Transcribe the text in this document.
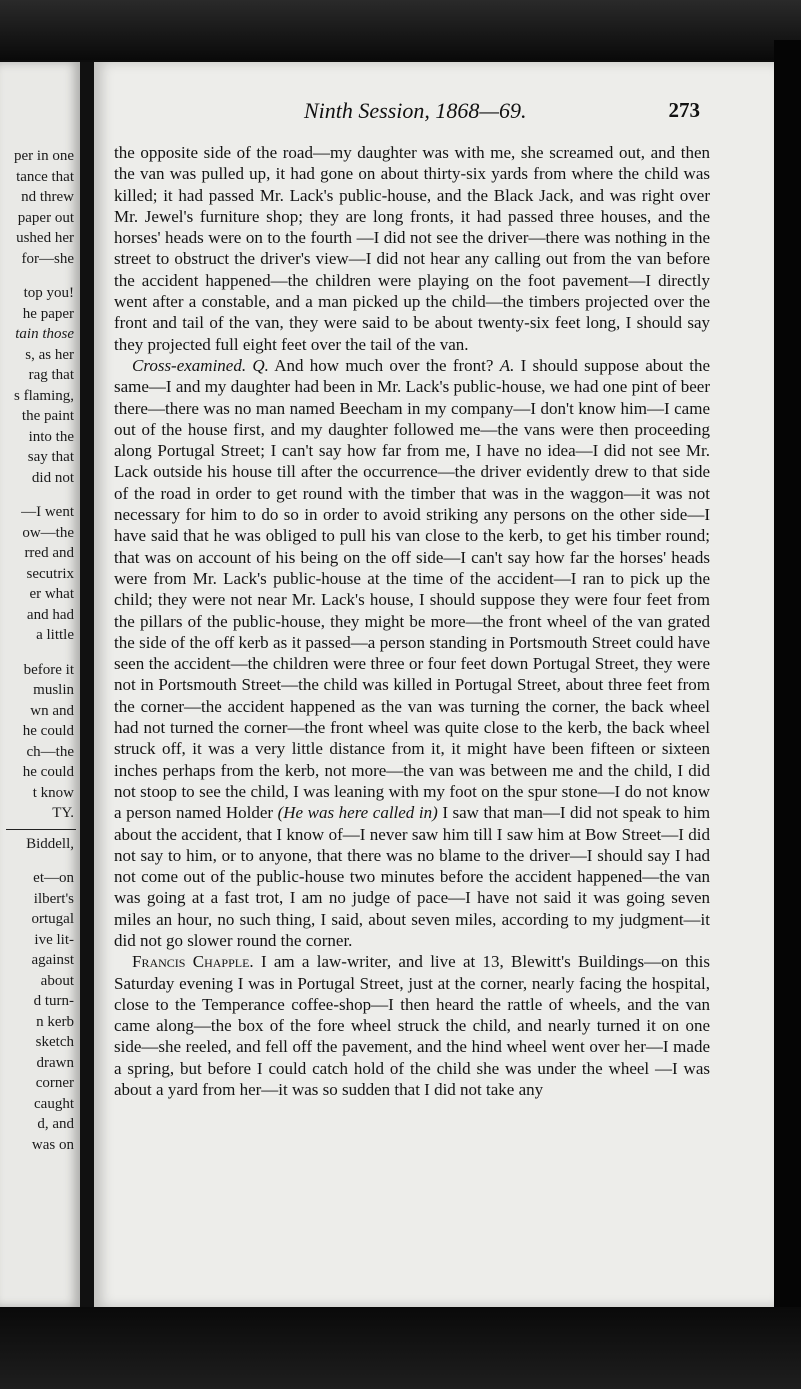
per in one

tance that

nd threw

paper out

ushed her

for—she

top you!

he paper

tain those

s, as her

rag that

s flaming,

the paint

into the

say that

did not

—I went

ow—the

rred and

secutrix

er what

and had

a little

before it

muslin

wn and

he could

ch—the

he could

t know

TY.

Biddell,

et—on

ilbert's

ortugal

ive lit-

against

about

d turn-

n kerb

sketch

drawn

corner

caught

d, and

was on

Ninth Session, 1868—69.	273

the opposite side of the road—my daughter was with me, she screamed out, and then the van was pulled up, it had gone on about thirty-six yards from where the child was killed; it had passed Mr. Lack's public-house, and the Black Jack, and was right over Mr. Jewel's furniture shop; they are long fronts, it had passed three houses, and the horses' heads were on to the fourth —I did not see the driver—there was nothing in the street to obstruct the driver's view—I did not hear any calling out from the van before the accident happened—the children were playing on the foot pavement—I directly went after a constable, and a man picked up the child—the timbers projected over the front and tail of the van, they were said to be about twenty-six feet long, I should say they projected full eight feet over the tail of the van.

Cross-examined. Q. And how much over the front? A. I should suppose about the same—I and my daughter had been in Mr. Lack's public-house, we had one pint of beer there—there was no man named Beecham in my company—I don't know him—I came out of the house first, and my daughter followed me—the vans were then proceeding along Portugal Street; I can't say how far from me, I have no idea—I did not see Mr. Lack outside his house till after the occurrence—the driver evidently drew to that side of the road in order to get round with the timber that was in the waggon—it was not necessary for him to do so in order to avoid striking any persons on the other side—I have said that he was obliged to pull his van close to the kerb, to get his timber round; that was on account of his being on the off side—I can't say how far the horses' heads were from Mr. Lack's public-house at the time of the accident—I ran to pick up the child; they were not near Mr. Lack's house, I should suppose they were four feet from the pillars of the public-house, they might be more—the front wheel of the van grated the side of the off kerb as it passed—a person standing in Portsmouth Street could have seen the accident—the children were three or four feet down Portugal Street, they were not in Portsmouth Street—the child was killed in Portugal Street, about three feet from the corner—the accident happened as the van was turning the corner, the back wheel had not turned the corner—the front wheel was quite close to the kerb, the back wheel struck off, it was a very little distance from it, it might have been fifteen or sixteen inches perhaps from the kerb, not more—the van was between me and the child, I did not stoop to see the child, I was leaning with my foot on the spur stone—I do not know a person named Holder (He was here called in) I saw that man—I did not speak to him about the accident, that I know of—I never saw him till I saw him at Bow Street—I did not say to him, or to anyone, that there was no blame to the driver—I should say I had not come out of the public-house two minutes before the accident happened—the van was going at a fast trot, I am no judge of pace—I have not said it was going seven miles an hour, no such thing, I said, about seven miles, according to my judgment—it did not go slower round the corner.

Francis Chapple. I am a law-writer, and live at 13, Blewitt's Buildings—on this Saturday evening I was in Portugal Street, just at the corner, nearly facing the hospital, close to the Temperance coffee-shop—I then heard the rattle of wheels, and the van came along—the box of the fore wheel struck the child, and nearly turned it on one side—she reeled, and fell off the pavement, and the hind wheel went over her—I made a spring, but before I could catch hold of the child she was under the wheel —I was about a yard from her—it was so sudden that I did not take any
